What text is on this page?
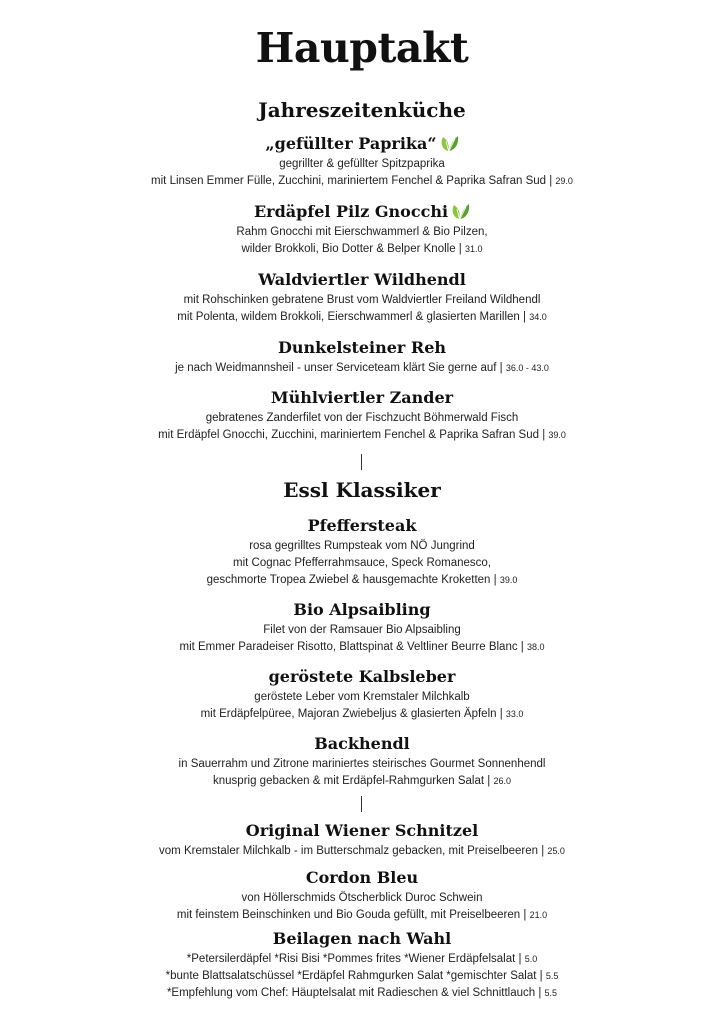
Hauptakt
Jahreszeitenküche
„gefüllter Paprika“
gegrillter & gefüllter Spitzpaprika
mit Linsen Emmer Fülle, Zucchini, mariniertem Fenchel & Paprika Safran Sud | 29.0
Erdäpfel Pilz Gnocchi
Rahm Gnocchi mit Eierschwammerl & Bio Pilzen,
wilder Brokkoli, Bio Dotter & Belper Knolle | 31.0
Waldviertler Wildhendl
mit Rohschinken gebratene Brust vom Waldviertler Freiland Wildhendl
mit Polenta, wildem Brokkoli, Eierschwammerl & glasierten Marillen | 34.0
Dunkelsteiner Reh
je nach Weidmannsheil - unser Serviceteam klärt Sie gerne auf | 36.0 - 43.0
Mühlviertler Zander
gebratenes Zanderfilet von der Fischzucht Böhmerwald Fisch
mit Erdäpfel Gnocchi, Zucchini, mariniertem Fenchel & Paprika Safran Sud | 39.0
Essl Klassiker
Pfeffersteak
rosa gegrilltes Rumpsteak vom NÖ Jungrind
mit Cognac Pfefferrahmsauce, Speck Romanesco,
geschmorte Tropea Zwiebel & hausgemachte Kroketten | 39.0
Bio Alpsaibling
Filet von der Ramsauer Bio Alpsaibling
mit Emmer Paradeiser Risotto, Blattspinat & Veltliner Beurre Blanc | 38.0
geröstete Kalbsleber
geröstete Leber vom Kremstaler Milchkalb
mit Erdäpfelpüree, Majoran Zwiebeljus & glasierten Äpfeln | 33.0
Backhendl
in Sauerrahm und Zitrone mariniertes steirisches Gourmet Sonnenhendl
knusprig gebacken & mit Erdäpfel-Rahmgurken Salat | 26.0
Original Wiener Schnitzel
vom Kremstaler Milchkalb - im Butterschmalz gebacken, mit Preiselbeeren | 25.0
Cordon Bleu
von Höllerschmids Ötscherblick Duroc Schwein
mit feinstem Beinschinken und Bio Gouda gefüllt, mit Preiselbeeren | 21.0
Beilagen nach Wahl
*Petersilerdäpfel *Risi Bisi *Pommes frites *Wiener Erdäpfelsalat | 5.0
*bunte Blattsalatschüssel *Erdäpfel Rahmgurken Salat *gemischter Salat | 5.5
*Empfehlung vom Chef: Häuptelsalat mit Radieschen & viel Schnittlauch | 5.5
